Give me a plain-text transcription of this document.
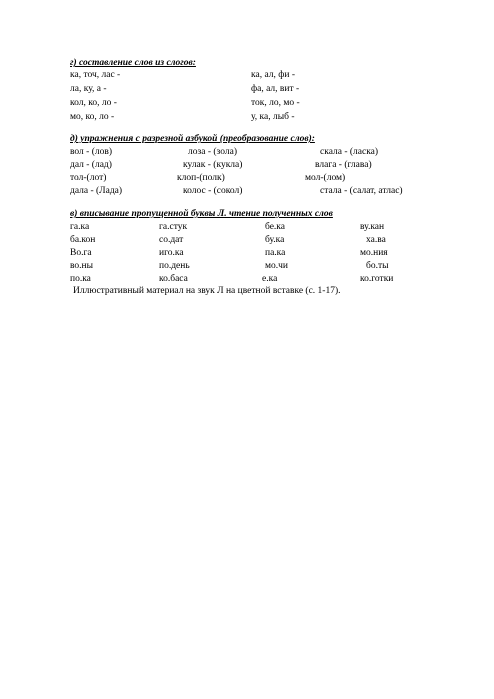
г) составление слов из слогов:
ка, точ, лас -	ка, ал, фи -
ла, ку, а -	фа, ал, вит -
кол, ко, ло -	ток, ло, мо -
мо, ко, ло -	у, ка, лыб -
д) упражнения с разрезной азбукой (преобразование слов):
вол - (лов)	лоза - (зола)	скала - (ласка)
дал - (лад)	кулак - (кукла)	влага - (глава)
тол-(лот)	клоп-(полк)	мол-(лом)
дала - (Лада)	колос - (сокол)	стала - (салат, атлас)
в) вписывание пропущенной буквы Л. чтение полученных слов
га.ка	га.стук	бе.ка	ву.кан
ба.кон	со.дат	бу.ка	ха.ва
Во.га	иго.ка	па.ка	мо.ния
во.ны	по.день	мо.чи	бо.ты
по.ка	ко.баса	е.ка	ко.готки
Иллюстративный материал на звук Л на цветной вставке (с. 1-17).
